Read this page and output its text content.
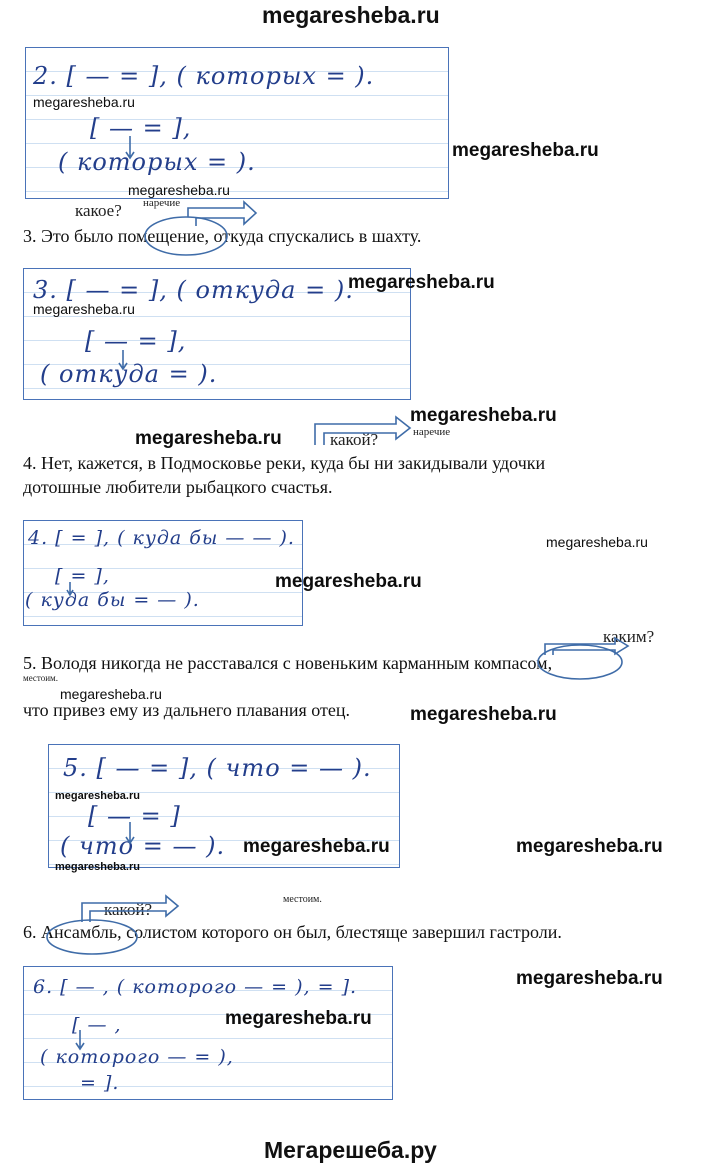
megaresheba.ru
2. [ — = ], ( которых = ).
[ — = ],
( которых = ).
megaresheba.ru
megaresheba.ru
megaresheba.ru
какое? наречие
3. Это было помещение, откуда спускались в шахту.
3. [ — = ], ( откуда = ).
[ — = ],
( откуда = ).
megaresheba.ru
megaresheba.ru
megaresheba.ru
megaresheba.ru	какой?	наречие
4. Нет, кажется, в Подмосковье реки, куда бы ни закидывали удочки
дотошные любители рыбацкого счастья.
4. [ = ], ( куда бы — — ).
[ = ],
( куда бы = — ).
megaresheba.ru
megaresheba.ru
каким?
5. Володя никогда не расставался с новеньким карманным компасом,
местоим.
megaresheba.ru
что привез ему из дальнего плавания отец.	megaresheba.ru
5. [ — = ], ( что = — ).
[ — = ]
( что = — ).
megaresheba.ru
megaresheba.ru
megaresheba.ru	megaresheba.ru
какой?
местоим.
6. Ансамбль, солистом которого он был, блестяще завершил гастроли.
6. [ — , ( которого — = ), = ].
[ — ,
( которого — = ),
= ].
megaresheba.ru
megaresheba.ru
Мегарешеба.ру
